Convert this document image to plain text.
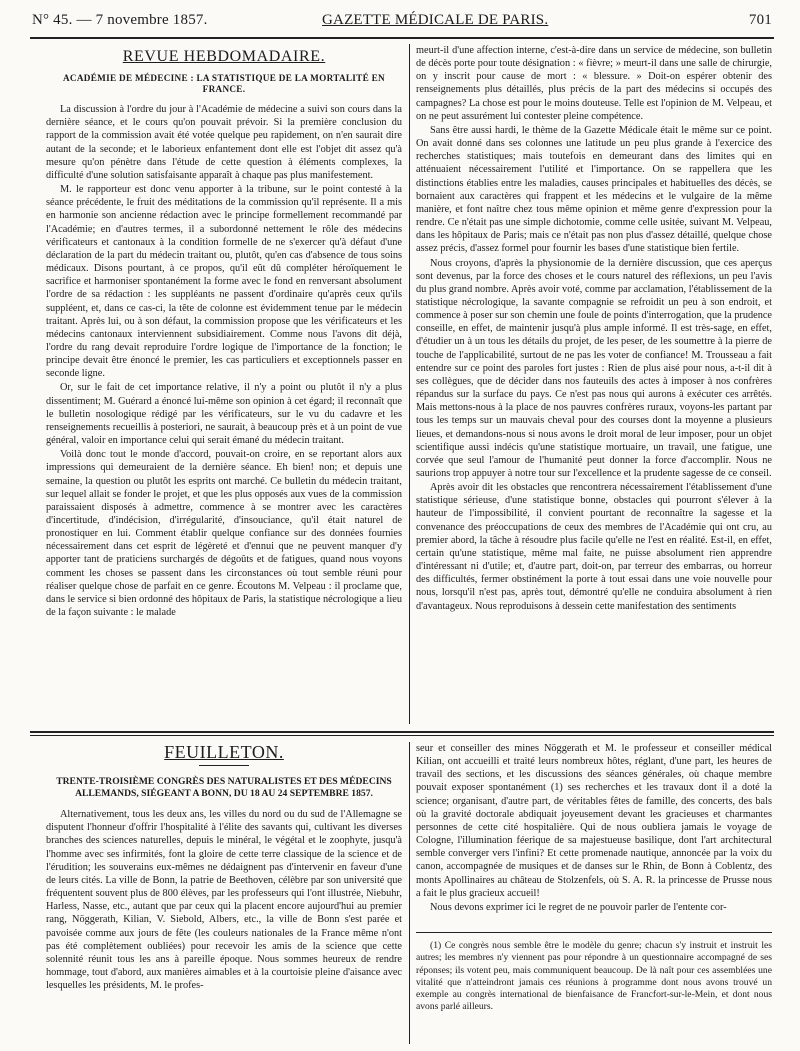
N° 45. — 7 novembre 1857.	GAZETTE MÉDICALE DE PARIS.	701
REVUE HEBDOMADAIRE.
ACADÉMIE DE MÉDECINE : LA STATISTIQUE DE LA MORTALITÉ EN FRANCE.

La discussion à l'ordre du jour à l'Académie de médecine a suivi son cours dans la dernière séance, et le cours qu'on pouvait prévoir. Si la première conclusion du rapport de la commission avait été votée quelque peu rapidement, on n'en saurait dire autant de la seconde; et le laborieux enfantement dont elle est l'objet dit assez qu'à mesure qu'on pénètre dans l'étude de cette question à éléments complexes, la difficulté d'une solution satisfaisante apparaît à chaque pas plus manifestement.

M. le rapporteur est donc venu apporter à la tribune, sur le point contesté à la séance précédente, le fruit des méditations de la commission qu'il représente. Il a mis en harmonie son ancienne rédaction avec le principe formellement recommandé par l'Académie; en d'autres termes, il a subordonné nettement le rôle des médecins vérificateurs et cantonaux à la condition formelle de ne s'exercer qu'à défaut d'une déclaration de la part du médecin traitant ou, plutôt, qu'en cas d'absence de tous soins médicaux. Disons pourtant, à ce propos, qu'il eût dû compléter héroïquement le sacrifice et harmoniser spontanément la forme avec le fond en renversant absolument l'ordre de sa rédaction : les suppléants ne passent d'ordinaire qu'après ceux qu'ils suppléent, et, dans ce cas-ci, la tête de colonne est évidemment tenue par le médecin traitant. Après lui, ou à son défaut, la commission propose que les vérificateurs et les médecins cantonaux interviennent subsidiairement. Comme nous l'avons dit déjà, l'ordre du rang devait reproduire l'ordre logique de l'importance de la fonction; le principe devait être énoncé le premier, les cas particuliers et exceptionnels passer en seconde ligne.

Or, sur le fait de cet importance relative, il n'y a point ou plutôt il n'y a plus dissentiment; M. Guérard a énoncé lui-même son opinion à cet égard; il reconnaît que le bulletin nosologique rédigé par les vérificateurs, sur le vu du cadavre et les renseignements recueillis à posteriori, ne saurait, à beaucoup près et à un point de vue général, valoir en importance celui qui serait émané du médecin traitant.

Voilà donc tout le monde d'accord, pouvait-on croire, en se reportant alors aux impressions qui demeuraient de la dernière séance. Eh bien! non; et depuis une semaine, la question ou plutôt les esprits ont marché. Ce bulletin du médecin traitant, sur lequel allait se fonder le projet, et que les plus opposés aux vues de la commission paraissaient disposés à admettre, commence à se montrer avec les caractères d'incertitude, d'indécision, d'irrégularité, d'insouciance, qu'il était naturel de pronostiquer en lui. Comment établir quelque confiance sur des données fournies nécessairement dans cet esprit de légèreté et d'ennui que ne peuvent manquer d'y apporter tant de praticiens surchargés de dégoûts et de fatigues, quand nous voyons comment les choses se passent dans les circonstances où tout semble réuni pour réaliser quelque chose de parfait en ce genre. Écoutons M. Velpeau : il proclame que, dans le service si bien ordonné des hôpitaux de Paris, la statistique nécrologique a lieu de la façon suivante : le malade

meurt-il d'une affection interne, c'est-à-dire dans un service de médecine, son bulletin de décès porte pour toute désignation : « fièvre; » meurt-il dans une salle de chirurgie, on y inscrit pour cause de mort : « blessure. » Doit-on espérer obtenir des renseignements plus détaillés, plus précis de la part des médecins si occupés des campagnes? La chose est pour le moins douteuse. Telle est l'opinion de M. Velpeau, et on ne peut assurément lui contester pleine compétence.

Sans être aussi hardi, le thème de la Gazette Médicale était le même sur ce point. On avait donné dans ses colonnes une latitude un peu plus grande à l'exercice des recherches statistiques; mais toutefois en demeurant dans des limites qui en atténuaient nécessairement l'utilité et l'importance. On se rappellera que les distinctions établies entre les maladies, causes principales et habituelles des décès, se bornaient aux caractères qui frappent et les médecins et le vulgaire de la même manière, et font naître chez tous même opinion et même genre d'expression pour la rendre. Ce n'était pas une simple dichotomie, comme celle usitée, suivant M. Velpeau, dans les hôpitaux de Paris; mais ce n'était pas non plus d'assez détaillé, quelque chose assez précis, d'assez formel pour fournir les bases d'une statistique bien fertile.

Nous croyons, d'après la physionomie de la dernière discussion, que ces aperçus sont devenus, par la force des choses et le cours naturel des réflexions, un peu l'avis du plus grand nombre. Après avoir voté, comme par acclamation, l'établissement de la statistique nécrologique, la savante compagnie se refroidit un peu à son endroit, et commence à poser sur son chemin une foule de points d'interrogation, que la prudence conseille, en effet, de maintenir jusqu'à plus ample informé. Il est très-sage, en effet, d'étudier un à un tous les détails du projet, de les peser, de les soumettre à la pierre de touche de l'applicabilité, surtout de ne pas les voter de confiance! M. Trousseau a fait entendre sur ce point des paroles fort justes : Rien de plus aisé pour nous, a-t-il dit à ses collègues, que de décider dans nos fauteuils des actes à imposer à nos confrères répandus sur la surface du pays. Ce n'est pas nous qui aurons à exécuter ces arrêtés. Mais mettons-nous à la place de nos pauvres confrères ruraux, voyons-les partant par tous les temps sur un mauvais cheval pour des courses dont la moyenne a plusieurs lieues, et demandons-nous si nous avons le droit moral de leur imposer, pour un objet scientifique aussi indécis qu'une statistique mortuaire, un travail, une fatigue, une corvée que seul l'amour de l'humanité peut donner la force d'accomplir. Nous ne saurions trop appuyer à notre tour sur l'excellence et la prudente sagesse de ce conseil.

Après avoir dit les obstacles que rencontrera nécessairement l'établissement d'une statistique sérieuse, d'une statistique bonne, obstacles qui pourront s'élever à la hauteur de l'impossibilité, il convient pourtant de reconnaître la sagesse et la convenance des préoccupations de ceux des membres de l'Académie qui ont cru, au premier abord, la tâche à résoudre plus facile qu'elle ne l'est en réalité. Est-il, en effet, certain qu'une statistique, même mal faite, ne puisse absolument rien apprendre d'intéressant ni d'utile; et, d'autre part, doit-on, par terreur des embarras, ou horreur des difficultés, fermer obstinément la porte à tout essai dans une voie nouvelle pour nous, lorsqu'il n'est pas, après tout, démontré qu'elle ne conduira absolument à rien d'avantageux. Nous reproduisons à dessein cette manifestation des sentiments

FEUILLETON.
TRENTE-TROISIÈME CONGRÈS DES NATURALISTES ET DES MÉDECINS ALLEMANDS, SIÉGEANT A BONN, DU 18 AU 24 SEPTEMBRE 1857.

Alternativement, tous les deux ans, les villes du nord ou du sud de l'Allemagne se disputent l'honneur d'offrir l'hospitalité à l'élite des savants qui, cultivant les diverses branches des sciences naturelles, depuis le minéral, le végétal et le zoophyte, jusqu'à l'homme avec ses infirmités, font la gloire de cette terre classique de la science et de l'érudition; les souverains eux-mêmes ne dédaignent pas d'intervenir en faveur d'une de leurs cités. La ville de Bonn, la patrie de Beethoven, célèbre par son université que fréquentent souvent plus de 800 élèves, par les professeurs qui l'ont illustrée, Niebuhr, Harless, Nasse, etc., autant que par ceux qui la placent encore aujourd'hui au premier rang, Nöggerath, Kilian, V. Siebold, Albers, etc., la ville de Bonn s'est parée et pavoisée comme aux jours de fête (les couleurs nationales de la France même n'ont pas été complètement oubliées) pour recevoir les amis de la science que cette solennité réunit tous les ans à pareille époque. Nous sommes heureux de rendre hommage, tout d'abord, aux manières aimables et à la courtoisie pleine d'aisance avec lesquelles les présidents, M. le profes-

seur et conseiller des mines Nöggerath et M. le professeur et conseiller médical Kilian, ont accueilli et traité leurs nombreux hôtes, réglant, d'une part, les heures de travail des sections, et les discussions des séances générales, où chaque membre pouvait exposer spontanément (1) ses recherches et les travaux dont il a doté la science; organisant, d'autre part, de véritables fêtes de famille, des concerts, des bals où la gravité doctorale abdiquait joyeusement devant les gracieuses et charmantes personnes de cette cité hospitalière. Qui de nous oubliera jamais le voyage de Cologne, l'illumination féerique de sa majestueuse basilique, dont l'art architectural semble converger vers l'infini? Et cette promenade nautique, annoncée par la voix du canon, accompagnée de musiques et de danses sur le Rhin, de Bonn à Coblentz, des monts Apollinaires au château de Stolzenfels, où S. A. R. la princesse de Prusse nous a fait le plus gracieux accueil!

Nous devons exprimer ici le regret de ne pouvoir parler de l'entente cor-

(1) Ce congrès nous semble être le modèle du genre; chacun s'y instruit et instruit les autres; les membres n'y viennent pas pour répondre à un questionnaire accompagné de ses réponses; ils votent peu, mais communiquent beaucoup. De là naît pour ces assemblées une vitalité que n'atteindront jamais ces réunions à programme dont nous avons trouvé un exemple au congrès international de bienfaisance de Francfort-sur-le-Mein, et dont nous avons parlé ailleurs.
